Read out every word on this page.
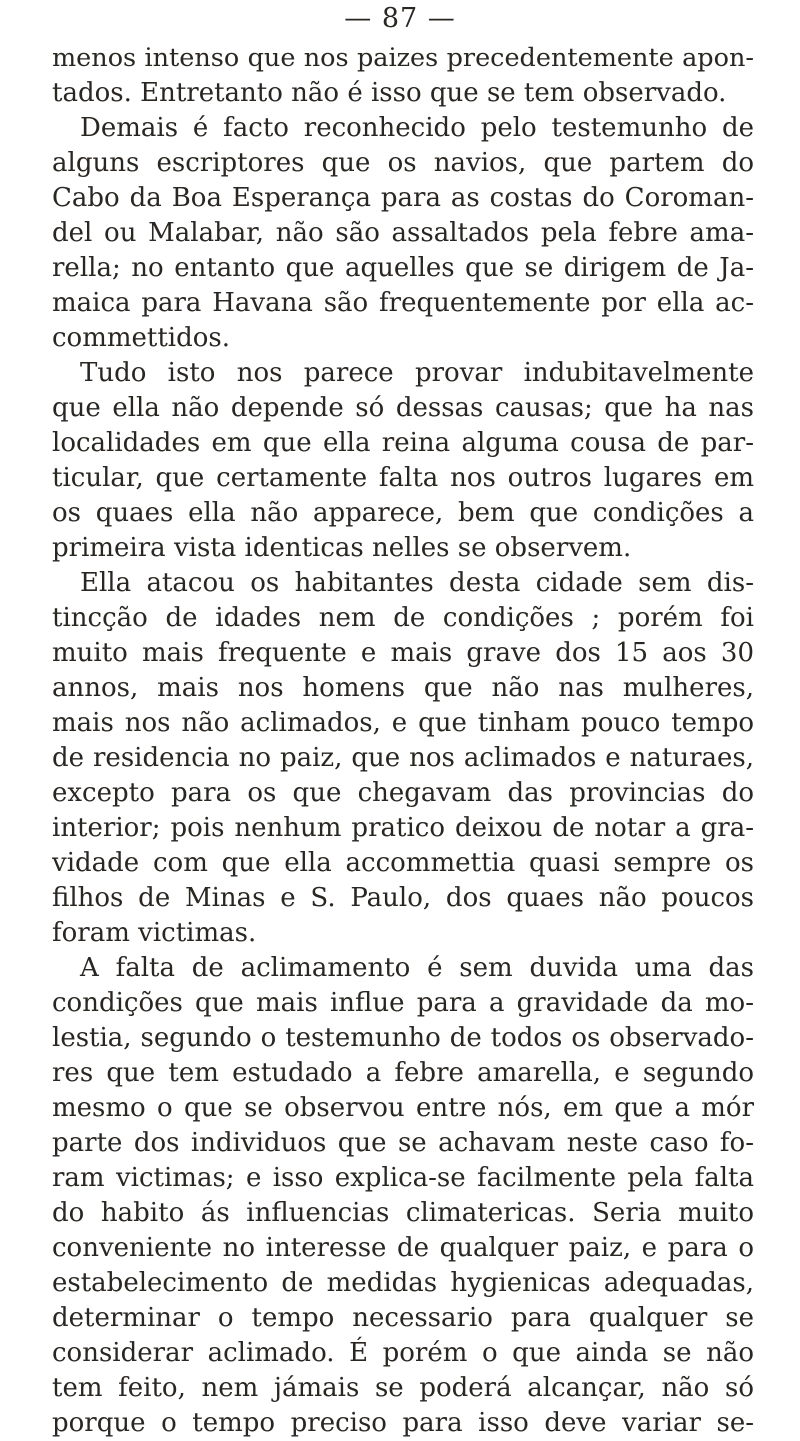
— 87 —
menos intenso que nos paizes precedentemente apon-
tados. Entretanto não é isso que se tem observado.
Demais é facto reconhecido pelo testemunho de
alguns escriptores que os navios, que partem do
Cabo da Boa Esperança para as costas do Coroman-
del ou Malabar, não são assaltados pela febre ama-
rella; no entanto que aquelles que se dirigem de Ja-
maica para Havana são frequentemente por ella ac-
commettidos.
Tudo isto nos parece provar indubitavelmente
que ella não depende só dessas causas; que ha nas
localidades em que ella reina alguma cousa de par-
ticular, que certamente falta nos outros lugares em
os quaes ella não apparece, bem que condições a
primeira vista identicas nelles se observem.
Ella atacou os habitantes desta cidade sem dis-
tincção de idades nem de condições ; porém foi
muito mais frequente e mais grave dos 15 aos 30
annos, mais nos homens que não nas mulheres,
mais nos não aclimados, e que tinham pouco tempo
de residencia no paiz, que nos aclimados e naturaes,
excepto para os que chegavam das provincias do
interior; pois nenhum pratico deixou de notar a gra-
vidade com que ella accommettia quasi sempre os
filhos de Minas e S. Paulo, dos quaes não poucos
foram victimas.
A falta de aclimamento é sem duvida uma das
condições que mais influe para a gravidade da mo-
lestia, segundo o testemunho de todos os observado-
res que tem estudado a febre amarella, e segundo
mesmo o que se observou entre nós, em que a mór
parte dos individuos que se achavam neste caso fo-
ram victimas; e isso explica-se facilmente pela falta
do habito ás influencias climatericas. Seria muito
conveniente no interesse de qualquer paiz, e para o
estabelecimento de medidas hygienicas adequadas,
determinar o tempo necessario para qualquer se
considerar aclimado. É porém o que ainda se não
tem feito, nem jámais se poderá alcançar, não só
porque o tempo preciso para isso deve variar se-
